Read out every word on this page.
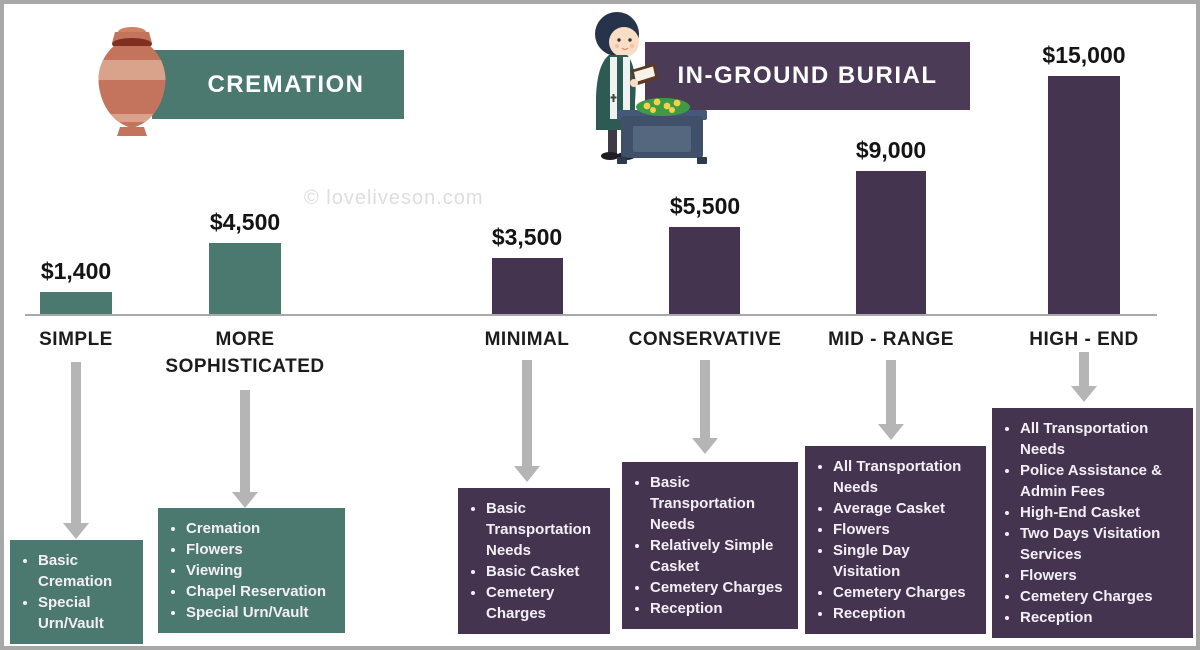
CREMATION	IN-GROUND BURIAL
© loveliveson.com
$1,400
SIMPLE
• Basic Cremation
• Special Urn/Vault
$4,500
MORE SOPHISTICATED
• Cremation
• Flowers
• Viewing
• Chapel Reservation
• Special Urn/Vault
$3,500
MINIMAL
• Basic Transportation Needs
• Basic Casket
• Cemetery Charges
$5,500
CONSERVATIVE
• Basic Transportation Needs
• Relatively Simple Casket
• Cemetery Charges
• Reception
$9,000
MID - RANGE
• All Transportation Needs
• Average Casket
• Flowers
• Single Day Visitation
• Cemetery Charges
• Reception
$15,000
HIGH - END
• All Transportation Needs
• Police Assistance & Admin Fees
• High-End Casket
• Two Days Visitation Services
• Flowers
• Cemetery Charges
• Reception
